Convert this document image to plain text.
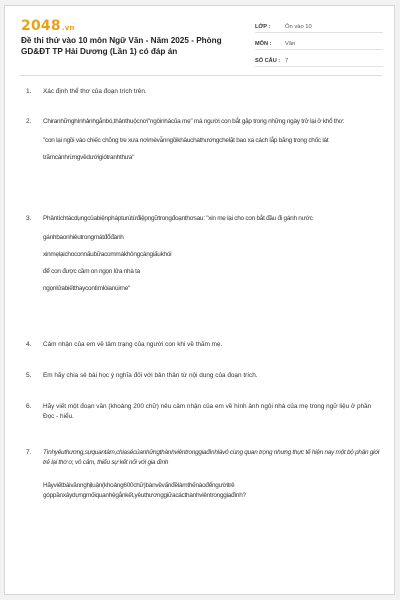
2048.vn
Đề thi thử vào 10 môn Ngữ Văn - Năm 2025 - Phòng GD&ĐT TP Hải Dương (Lần 1) có đáp án
LỚP :	Ôn vào 10
MÔN :	Văn
SỐ CÂU : 7
1. Xác định thể thơ của đoạn trích trên.

2. Chiranhữnghìnhảnhgắnbó,thânthuộcnơi"ngôinhàcủa mẹ" mà người con bắt gặp trong những ngày trở lại ở khổ thơ:

"con lại ngồi vào chiếc chõng tre xưa nơimèvẫnngồikhâuchathươngchelặt bao xa cách lắp băng trong chốc lát

trămcánhrừngvềdướigiótranhthưa"

3. Phântíchtácdụngcủabiệnphápturùtừđiệpngữtrongđoạnthơsau: "xin mẹ lại cho con bắt đầu đi gánh nước

gánhbaonhiêutrongmátđổđành

xinmẹlạichoconnấubữacommákhôngcàngiấukhói

để con được cầm on ngọn lửa nhà ta

ngọnlửabiếtthaycontìmlòianúirne"

4. Cảm nhận của em về tâm trạng của người con khi về thăm mẹ.

5. Em hãy chia sẻ bài học ý nghĩa đối với bản thân từ nội dung của đoạn trích.

6. Hãy viết một đoạn văn (khoảng 200 chữ) nêu cảm nhận của em về hình ảnh ngôi nhà của mẹ trong ngữ liệu ở phần Đọc - hiểu.

7. Tìnhyêuthương,sựquantâm,chiasẻcủanhữngthànhviêntronggiađìnhlàvô cùng quan trọng nhưng thực tế hiện nay một bộ phận giới trẻ lại thờ ơ, vô cảm, thiếu sự kết nối với gia đình

Hãyviếtbàivănnghịluận(khoảng600chữ)bànvềvấnđềlàmthếnàođểngườitrẻ góppầnxâydựngmốiquanhệgắnkết,yêuthươnggiữacácthànhviêntronggiađình?
